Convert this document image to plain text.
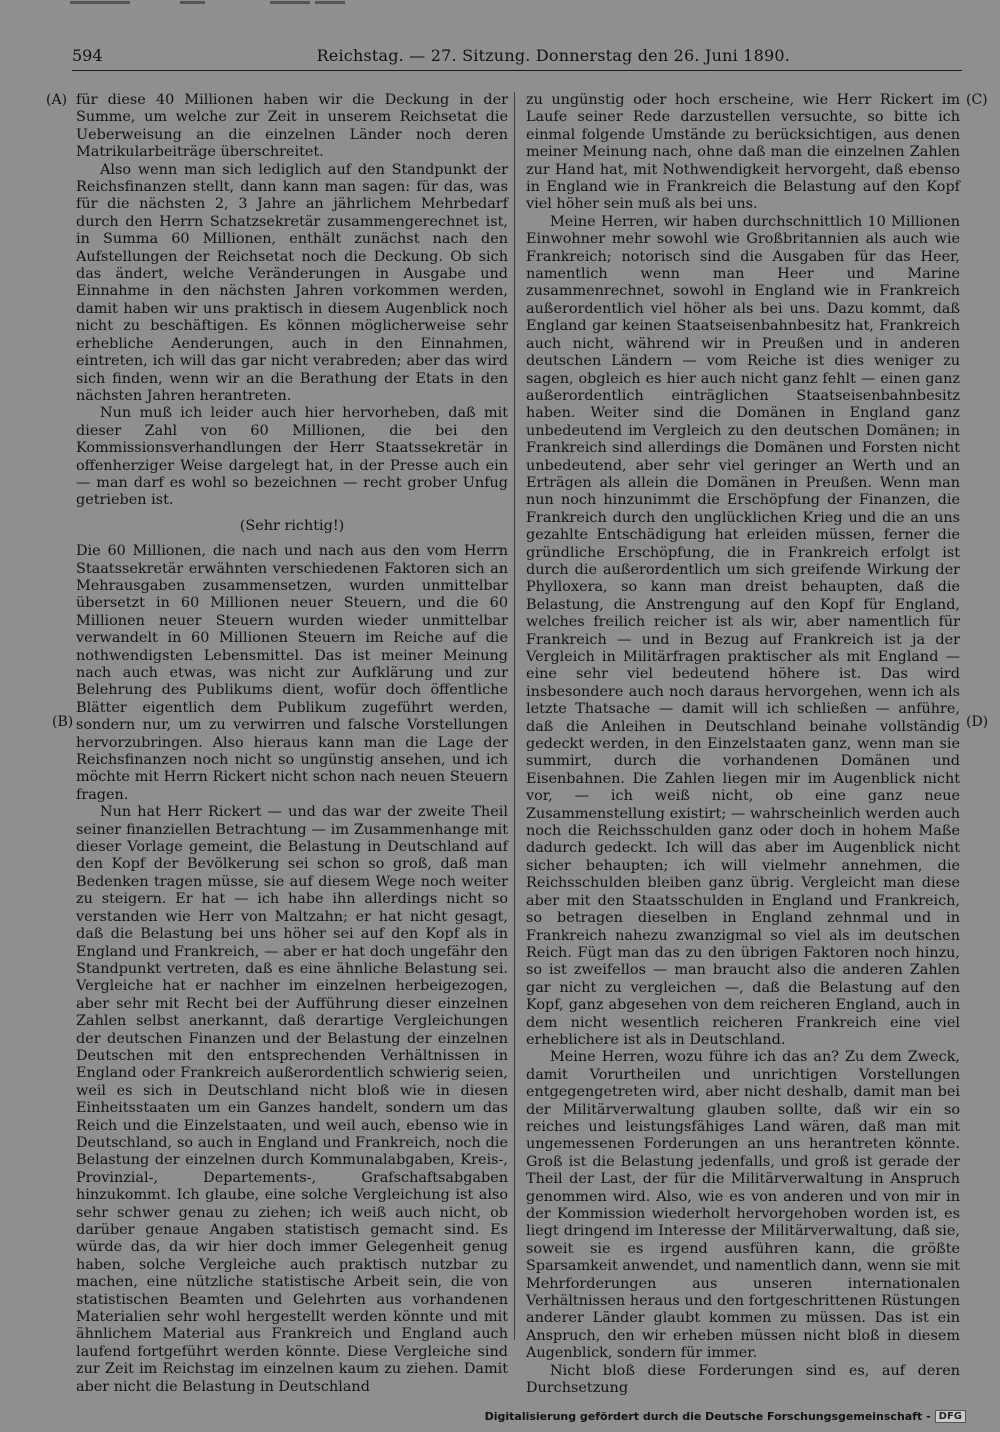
594	Reichstag. — 27. Sitzung. Donnerstag den 26. Juni 1890.
(A)
(B)
(C)
(D)

für diese 40 Millionen haben wir die Deckung in der Summe, um welche zur Zeit in unserem Reichsetat die Ueberweisung an die einzelnen Länder noch deren Matrikularbeiträge überschreitet.

Also wenn man sich lediglich auf den Standpunkt der Reichsfinanzen stellt, dann kann man sagen: für das, was für die nächsten 2, 3 Jahre an jährlichem Mehrbedarf durch den Herrn Schatzsekretär zusammengerechnet ist, in Summa 60 Millionen, enthält zunächst nach den Aufstellungen der Reichsetat noch die Deckung. Ob sich das ändert, welche Veränderungen in Ausgabe und Einnahme in den nächsten Jahren vorkommen werden, damit haben wir uns praktisch in diesem Augenblick noch nicht zu beschäftigen. Es können möglicherweise sehr erhebliche Aenderungen, auch in den Einnahmen, eintreten, ich will das gar nicht verabreden; aber das wird sich finden, wenn wir an die Berathung der Etats in den nächsten Jahren herantreten.

Nun muß ich leider auch hier hervorheben, daß mit dieser Zahl von 60 Millionen, die bei den Kommissionsverhandlungen der Herr Staatssekretär in offenherziger Weise dargelegt hat, in der Presse auch ein — man darf es wohl so bezeichnen — recht grober Unfug getrieben ist.

(Sehr richtig!)

Die 60 Millionen, die nach und nach aus den vom Herrn Staatssekretär erwähnten verschiedenen Faktoren sich an Mehrausgaben zusammensetzen, wurden unmittelbar übersetzt in 60 Millionen neuer Steuern, und die 60 Millionen neuer Steuern wurden wieder unmittelbar verwandelt in 60 Millionen Steuern im Reiche auf die nothwendigsten Lebensmittel. Das ist meiner Meinung nach auch etwas, was nicht zur Aufklärung und zur Belehrung des Publikums dient, wofür doch öffentliche Blätter eigentlich dem Publikum zugeführt werden, sondern nur, um zu verwirren und falsche Vorstellungen hervorzubringen. Also hieraus kann man die Lage der Reichsfinanzen noch nicht so ungünstig ansehen, und ich möchte mit Herrn Rickert nicht schon nach neuen Steuern fragen.

Nun hat Herr Rickert — und das war der zweite Theil seiner finanziellen Betrachtung — im Zusammenhange mit dieser Vorlage gemeint, die Belastung in Deutschland auf den Kopf der Bevölkerung sei schon so groß, daß man Bedenken tragen müsse, sie auf diesem Wege noch weiter zu steigern. Er hat — ich habe ihn allerdings nicht so verstanden wie Herr von Maltzahn; er hat nicht gesagt, daß die Belastung bei uns höher sei auf den Kopf als in England und Frankreich, — aber er hat doch ungefähr den Standpunkt vertreten, daß es eine ähnliche Belastung sei. Vergleiche hat er nachher im einzelnen herbeigezogen, aber sehr mit Recht bei der Aufführung dieser einzelnen Zahlen selbst anerkannt, daß derartige Vergleichungen der deutschen Finanzen und der Belastung der einzelnen Deutschen mit den entsprechenden Verhältnissen in England oder Frankreich außerordentlich schwierig seien, weil es sich in Deutschland nicht bloß wie in diesen Einheitsstaaten um ein Ganzes handelt, sondern um das Reich und die Einzelstaaten, und weil auch, ebenso wie in Deutschland, so auch in England und Frankreich, noch die Belastung der einzelnen durch Kommunalabgaben, Kreis-, Provinzial-, Departements-, Grafschaftsabgaben hinzukommt. Ich glaube, eine solche Vergleichung ist also sehr schwer genau zu ziehen; ich weiß auch nicht, ob darüber genaue Angaben statistisch gemacht sind. Es würde das, da wir hier doch immer Gelegenheit genug haben, solche Vergleiche auch praktisch nutzbar zu machen, eine nützliche statistische Arbeit sein, die von statistischen Beamten und Gelehrten aus vorhandenen Materialien sehr wohl hergestellt werden könnte und mit ähnlichem Material aus Frankreich und England auch laufend fortgeführt werden könnte. Diese Vergleiche sind zur Zeit im Reichstag im einzelnen kaum zu ziehen. Damit aber nicht die Belastung in Deutschland

zu ungünstig oder hoch erscheine, wie Herr Rickert im Laufe seiner Rede darzustellen versuchte, so bitte ich einmal folgende Umstände zu berücksichtigen, aus denen meiner Meinung nach, ohne daß man die einzelnen Zahlen zur Hand hat, mit Nothwendigkeit hervorgeht, daß ebenso in England wie in Frankreich die Belastung auf den Kopf viel höher sein muß als bei uns.

Meine Herren, wir haben durchschnittlich 10 Millionen Einwohner mehr sowohl wie Großbritannien als auch wie Frankreich; notorisch sind die Ausgaben für das Heer, namentlich wenn man Heer und Marine zusammenrechnet, sowohl in England wie in Frankreich außerordentlich viel höher als bei uns. Dazu kommt, daß England gar keinen Staatseisenbahnbesitz hat, Frankreich auch nicht, während wir in Preußen und in anderen deutschen Ländern — vom Reiche ist dies weniger zu sagen, obgleich es hier auch nicht ganz fehlt — einen ganz außerordentlich einträglichen Staatseisenbahnbesitz haben. Weiter sind die Domänen in England ganz unbedeutend im Vergleich zu den deutschen Domänen; in Frankreich sind allerdings die Domänen und Forsten nicht unbedeutend, aber sehr viel geringer an Werth und an Erträgen als allein die Domänen in Preußen. Wenn man nun noch hinzunimmt die Erschöpfung der Finanzen, die Frankreich durch den unglücklichen Krieg und die an uns gezahlte Entschädigung hat erleiden müssen, ferner die gründliche Erschöpfung, die in Frankreich erfolgt ist durch die außerordentlich um sich greifende Wirkung der Phylloxera, so kann man dreist behaupten, daß die Belastung, die Anstrengung auf den Kopf für England, welches freilich reicher ist als wir, aber namentlich für Frankreich — und in Bezug auf Frankreich ist ja der Vergleich in Militärfragen praktischer als mit England — eine sehr viel bedeutend höhere ist. Das wird insbesondere auch noch daraus hervorgehen, wenn ich als letzte Thatsache — damit will ich schließen — anführe, daß die Anleihen in Deutschland beinahe vollständig gedeckt werden, in den Einzelstaaten ganz, wenn man sie summirt, durch die vorhandenen Domänen und Eisenbahnen. Die Zahlen liegen mir im Augenblick nicht vor, — ich weiß nicht, ob eine ganz neue Zusammenstellung existirt; — wahrscheinlich werden auch noch die Reichsschulden ganz oder doch in hohem Maße dadurch gedeckt. Ich will das aber im Augenblick nicht sicher behaupten; ich will vielmehr annehmen, die Reichsschulden bleiben ganz übrig. Vergleicht man diese aber mit den Staatsschulden in England und Frankreich, so betragen dieselben in England zehnmal und in Frankreich nahezu zwanzigmal so viel als im deutschen Reich. Fügt man das zu den übrigen Faktoren noch hinzu, so ist zweifellos — man braucht also die anderen Zahlen gar nicht zu vergleichen —, daß die Belastung auf den Kopf, ganz abgesehen von dem reicheren England, auch in dem nicht wesentlich reicheren Frankreich eine viel erheblichere ist als in Deutschland.

Meine Herren, wozu führe ich das an? Zu dem Zweck, damit Vorurtheilen und unrichtigen Vorstellungen entgegengetreten wird, aber nicht deshalb, damit man bei der Militärverwaltung glauben sollte, daß wir ein so reiches und leistungsfähiges Land wären, daß man mit ungemessenen Forderungen an uns herantreten könnte. Groß ist die Belastung jedenfalls, und groß ist gerade der Theil der Last, der für die Militärverwaltung in Anspruch genommen wird. Also, wie es von anderen und von mir in der Kommission wiederholt hervorgehoben worden ist, es liegt dringend im Interesse der Militärverwaltung, daß sie, soweit sie es irgend ausführen kann, die größte Sparsamkeit anwendet, und namentlich dann, wenn sie mit Mehrforderungen aus unseren internationalen Verhältnissen heraus und den fortgeschrittenen Rüstungen anderer Länder glaubt kommen zu müssen. Das ist ein Anspruch, den wir erheben müssen nicht bloß in diesem Augenblick, sondern für immer.

Nicht bloß diese Forderungen sind es, auf deren Durchsetzung

Digitalisierung gefördert durch die Deutsche Forschungsgemeinschaft - DFG
